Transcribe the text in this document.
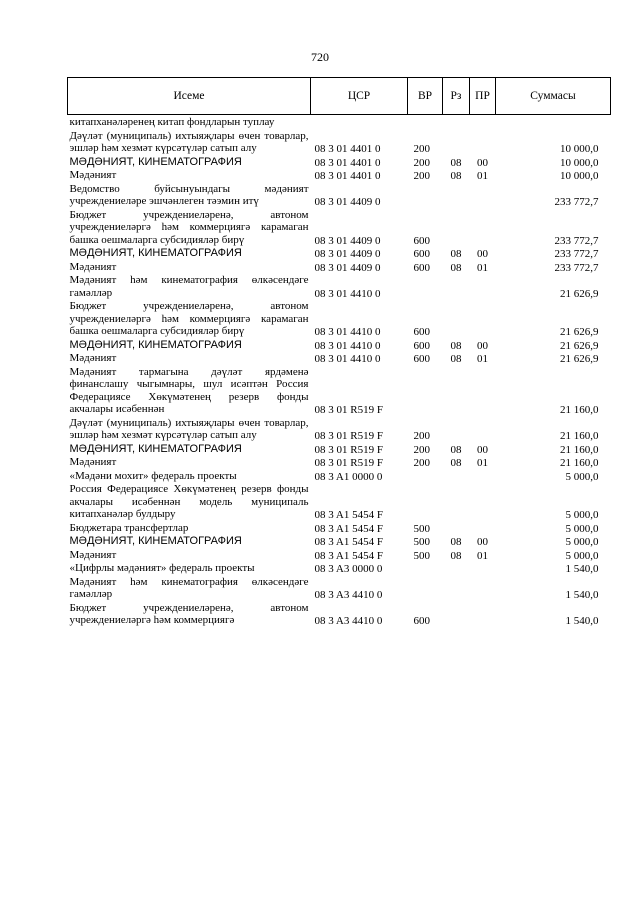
720
Исеме	ЦСР	ВР	Рз	ПР	Суммасы
китапханәләренең китап фондларын туплау					
Дәүләт (муниципаль) ихтыяҗлары өчен товарлар, эшләр һәм хезмәт күрсәтүләр сатып алу	08 3 01 4401 0	200			10 000,0
МӘДӘНИЯТ, КИНЕМАТОГРАФИЯ	08 3 01 4401 0	200	08	00	10 000,0
Мәдәният	08 3 01 4401 0	200	08	01	10 000,0
Ведомство буйсынуындагы мәдәният учреждениеләре эшчәнлеген тәэмин итү	08 3 01 4409 0				233 772,7
Бюджет учреждениеләренә, автоном учреждениеләргә һәм коммерциягә карамаган башка оешмаларга субсидияләр бирү	08 3 01 4409 0	600			233 772,7
МӘДӘНИЯТ, КИНЕМАТОГРАФИЯ	08 3 01 4409 0	600	08	00	233 772,7
Мәдәният	08 3 01 4409 0	600	08	01	233 772,7
Мәдәният һәм кинематография өлкәсендәге гамәлләр	08 3 01 4410 0				21 626,9
Бюджет учреждениеләренә, автоном учреждениеләргә һәм коммерциягә карамаган башка оешмаларга субсидияләр бирү	08 3 01 4410 0	600			21 626,9
МӘДӘНИЯТ, КИНЕМАТОГРАФИЯ	08 3 01 4410 0	600	08	00	21 626,9
Мәдәният	08 3 01 4410 0	600	08	01	21 626,9
Мәдәният тармагына дәүләт ярдәменә финанслашу чыгымнары, шул исәптән Россия Федерациясе Хөкүмәтенең резерв фонды акчалары исәбеннән	08 3 01 R519 F				21 160,0
Дәүләт (муниципаль) ихтыяҗлары өчен товарлар, эшләр һәм хезмәт күрсәтүләр сатып алу	08 3 01 R519 F	200			21 160,0
МӘДӘНИЯТ, КИНЕМАТОГРАФИЯ	08 3 01 R519 F	200	08	00	21 160,0
Мәдәният	08 3 01 R519 F	200	08	01	21 160,0
«Мәдәни мохит» федераль проекты	08 3 A1 0000 0				5 000,0
Россия Федерациясе Хөкүмәтенең резерв фонды акчалары исәбеннән модель муниципаль китапханәләр булдыру	08 3 A1 5454 F				5 000,0
Бюджетара трансфертлар	08 3 A1 5454 F	500			5 000,0
МӘДӘНИЯТ, КИНЕМАТОГРАФИЯ	08 3 A1 5454 F	500	08	00	5 000,0
Мәдәният	08 3 A1 5454 F	500	08	01	5 000,0
«Цифрлы мәдәният» федераль проекты	08 3 A3 0000 0				1 540,0
Мәдәният һәм кинематография өлкәсендәге гамәлләр	08 3 A3 4410 0				1 540,0
Бюджет учреждениеләренә, автоном учреждениеләргә һәм коммерциягә	08 3 A3 4410 0	600			1 540,0
